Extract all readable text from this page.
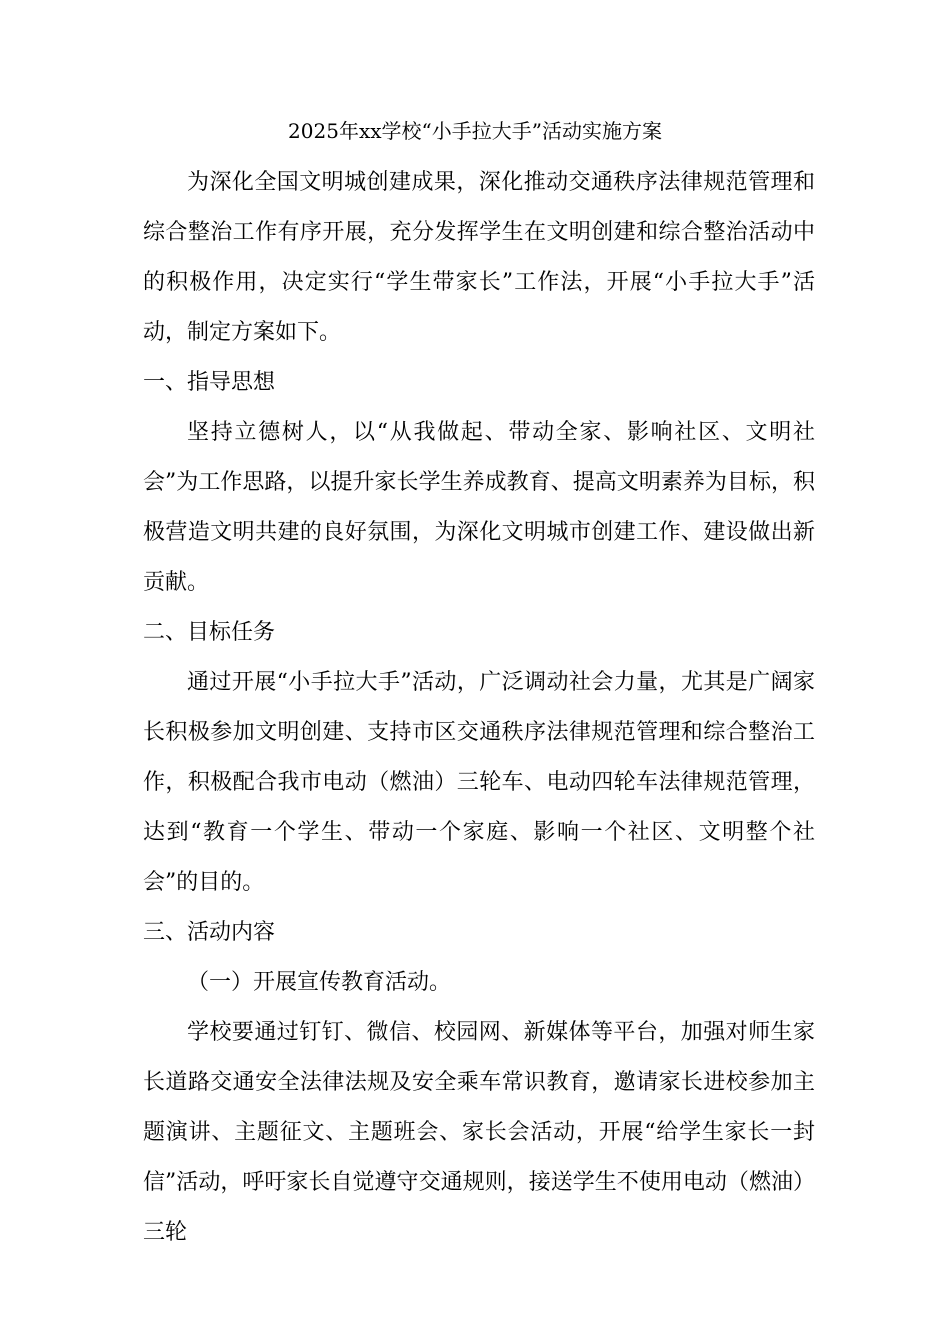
2025年xx学校“小手拉大手”活动实施方案

为深化全国文明城创建成果，深化推动交通秩序法律规范管理和综合整治工作有序开展，充分发挥学生在文明创建和综合整治活动中的积极作用，决定实行“学生带家长”工作法，开展“小手拉大手”活动，制定方案如下。

一、指导思想

坚持立德树人，以“从我做起、带动全家、影响社区、文明社会”为工作思路，以提升家长学生养成教育、提高文明素养为目标，积极营造文明共建的良好氛围，为深化文明城市创建工作、建设做出新贡献。

二、目标任务

通过开展“小手拉大手”活动，广泛调动社会力量，尤其是广阔家长积极参加文明创建、支持市区交通秩序法律规范管理和综合整治工作，积极配合我市电动（燃油）三轮车、电动四轮车法律规范管理，达到“教育一个学生、带动一个家庭、影响一个社区、文明整个社会”的目的。

三、活动内容

（一）开展宣传教育活动。

学校要通过钉钉、微信、校园网、新媒体等平台，加强对师生家长道路交通安全法律法规及安全乘车常识教育，邀请家长进校参加主题演讲、主题征文、主题班会、家长会活动，开展“给学生家长一封信”活动，呼吁家长自觉遵守交通规则，接送学生不使用电动（燃油）三轮
